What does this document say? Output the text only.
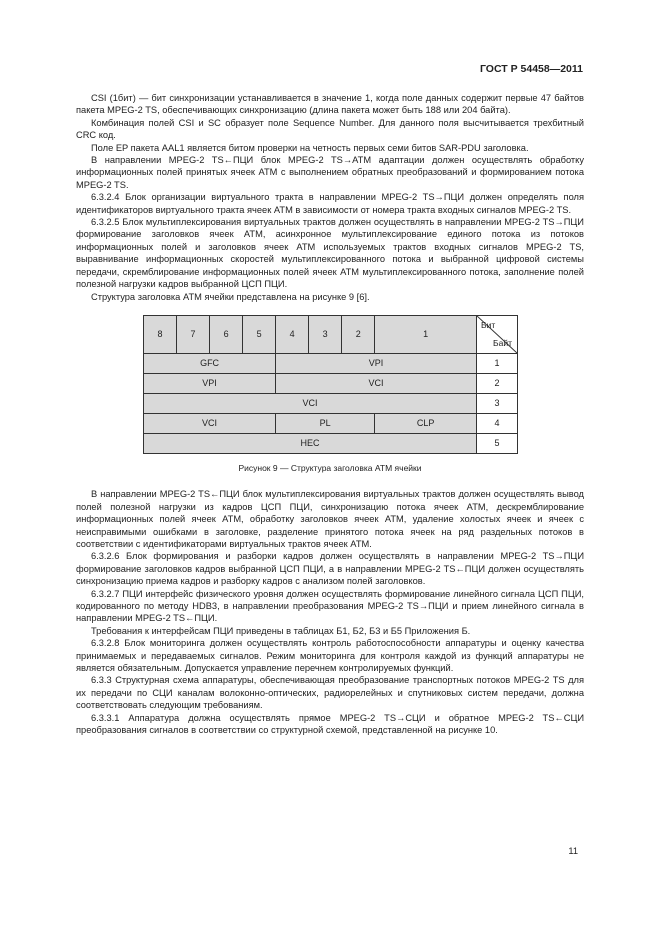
ГОСТ Р 54458—2011

CSI (1бит) — бит синхронизации устанавливается в значение 1, когда поле данных содержит первые 47 байтов пакета MPEG-2 TS, обеспечивающих синхронизацию (длина пакета может быть 188 или 204 байта).

Комбинация полей CSI и SC образует поле Sequence Number. Для данного поля высчитывается трехбитный CRC код.

Поле EP пакета AAL1 является битом проверки на четность первых семи битов SAR-PDU заголовка.

В направлении MPEG-2 TS←ПЦИ блок MPEG-2 TS→ATM адаптации должен осуществлять обработку информационных полей принятых ячеек ATM с выполнением обратных преобразований и формированием потока MPEG-2 TS.

6.3.2.4 Блок организации виртуального тракта в направлении MPEG-2 TS→ПЦИ должен определять поля идентификаторов виртуального тракта ячеек ATM в зависимости от номера тракта входных сигналов MPEG-2 TS.

6.3.2.5 Блок мультиплексирования виртуальных трактов должен осуществлять в направлении MPEG-2 TS→ПЦИ формирование заголовков ячеек ATM, асинхронное мультиплексирование единого потока из потоков информационных полей и заголовков ячеек ATM используемых трактов входных сигналов MPEG-2 TS, выравнивание информационных скоростей мультиплексированного потока и выбранной цифровой системы передачи, скремблирование информационных полей ячеек ATM мультиплексированного потока, заполнение полей полезной нагрузки кадров выбранной ЦСП ПЦИ.

Структура заголовка ATM ячейки представлена на рисунке 9 [6].

8	7	6	5	4	3	2	1	Бит
Байт

GFC				VPI				1
VPI				VCI				2
VCI								3
VCI				PL			CLP	4
HEC								5
Рисунок 9 — Структура заголовка ATM ячейки

В направлении MPEG-2 TS←ПЦИ блок мультиплексирования виртуальных трактов должен осуществлять вывод полей полезной нагрузки из кадров ЦСП ПЦИ, синхронизацию потока ячеек ATM, дескремблирование информационных полей ячеек ATM, обработку заголовков ячеек ATM, удаление холостых ячеек и ячеек с неисправимыми ошибками в заголовке, разделение принятого потока ячеек на ряд раздельных потоков в соответствии с идентификаторами виртуальных трактов ячеек ATM.

6.3.2.6 Блок формирования и разборки кадров должен осуществлять в направлении MPEG-2 TS→ПЦИ формирование заголовков кадров выбранной ЦСП ПЦИ, а в направлении MPEG-2 TS←ПЦИ должен осуществлять синхронизацию приема кадров и разборку кадров с анализом полей заголовков.

6.3.2.7 ПЦИ интерфейс физического уровня должен осуществлять формирование линейного сигнала ЦСП ПЦИ, кодированного по методу HDB3, в направлении преобразования MPEG-2 TS→ПЦИ и прием линейного сигнала в направлении MPEG-2 TS←ПЦИ.

Требования к интерфейсам ПЦИ приведены в таблицах Б1, Б2, Б3 и Б5 Приложения Б.

6.3.2.8 Блок мониторинга должен осуществлять контроль работоспособности аппаратуры и оценку качества принимаемых и передаваемых сигналов. Режим мониторинга для контроля каждой из функций аппаратуры не является обязательным. Допускается управление перечнем контролируемых функций.

6.3.3 Структурная схема аппаратуры, обеспечивающая преобразование транспортных потоков MPEG-2 TS для их передачи по СЦИ каналам волоконно-оптических, радиорелейных и спутниковых систем передачи, должна соответствовать следующим требованиям.

6.3.3.1 Аппаратура должна осуществлять прямое MPEG-2 TS→СЦИ и обратное MPEG-2 TS←СЦИ преобразования сигналов в соответствии со структурной схемой, представленной на рисунке 10.

11
